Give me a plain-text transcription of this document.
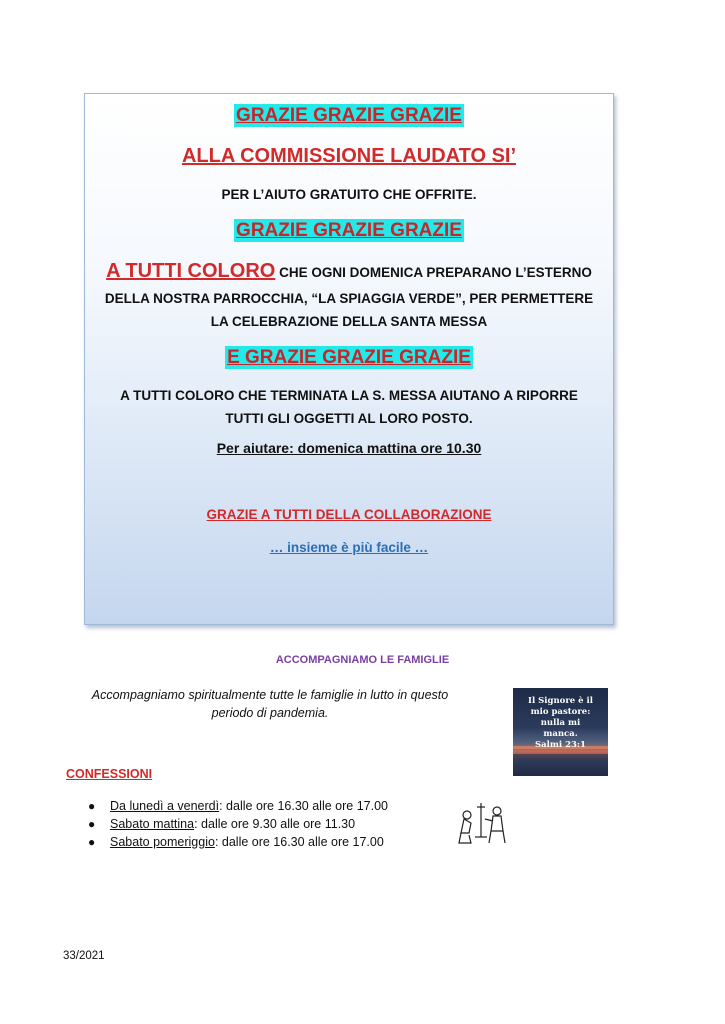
GRAZIE GRAZIE GRAZIE
ALLA COMMISSIONE LAUDATO SI’
PER L’AIUTO GRATUITO CHE OFFRITE.
GRAZIE GRAZIE GRAZIE
A TUTTI COLORO CHE OGNI DOMENICA PREPARANO L’ESTERNO
DELLA NOSTRA PARROCCHIA, “LA SPIAGGIA VERDE”, PER PERMETTERE
LA CELEBRAZIONE DELLA SANTA MESSA
E GRAZIE GRAZIE GRAZIE
A TUTTI COLORO CHE TERMINATA LA S. MESSA AIUTANO A RIPORRE
TUTTI GLI OGGETTI AL LORO POSTO.
Per aiutare: domenica mattina ore 10.30
GRAZIE A TUTTI DELLA COLLABORAZIONE
… insieme è più facile …
ACCOMPAGNIAMO LE FAMIGLIE
Accompagniamo spiritualmente tutte le famiglie in lutto in questo
periodo di pandemia.
Il Signore è il
mio pastore:
nulla mi
manca.
Salmi 23:1
CONFESSIONI
● Da lunedì a venerdì: dalle ore 16.30 alle ore 17.00
● Sabato mattina: dalle ore 9.30 alle ore 11.30
● Sabato pomeriggio: dalle ore 16.30 alle ore 17.00
33/2021
